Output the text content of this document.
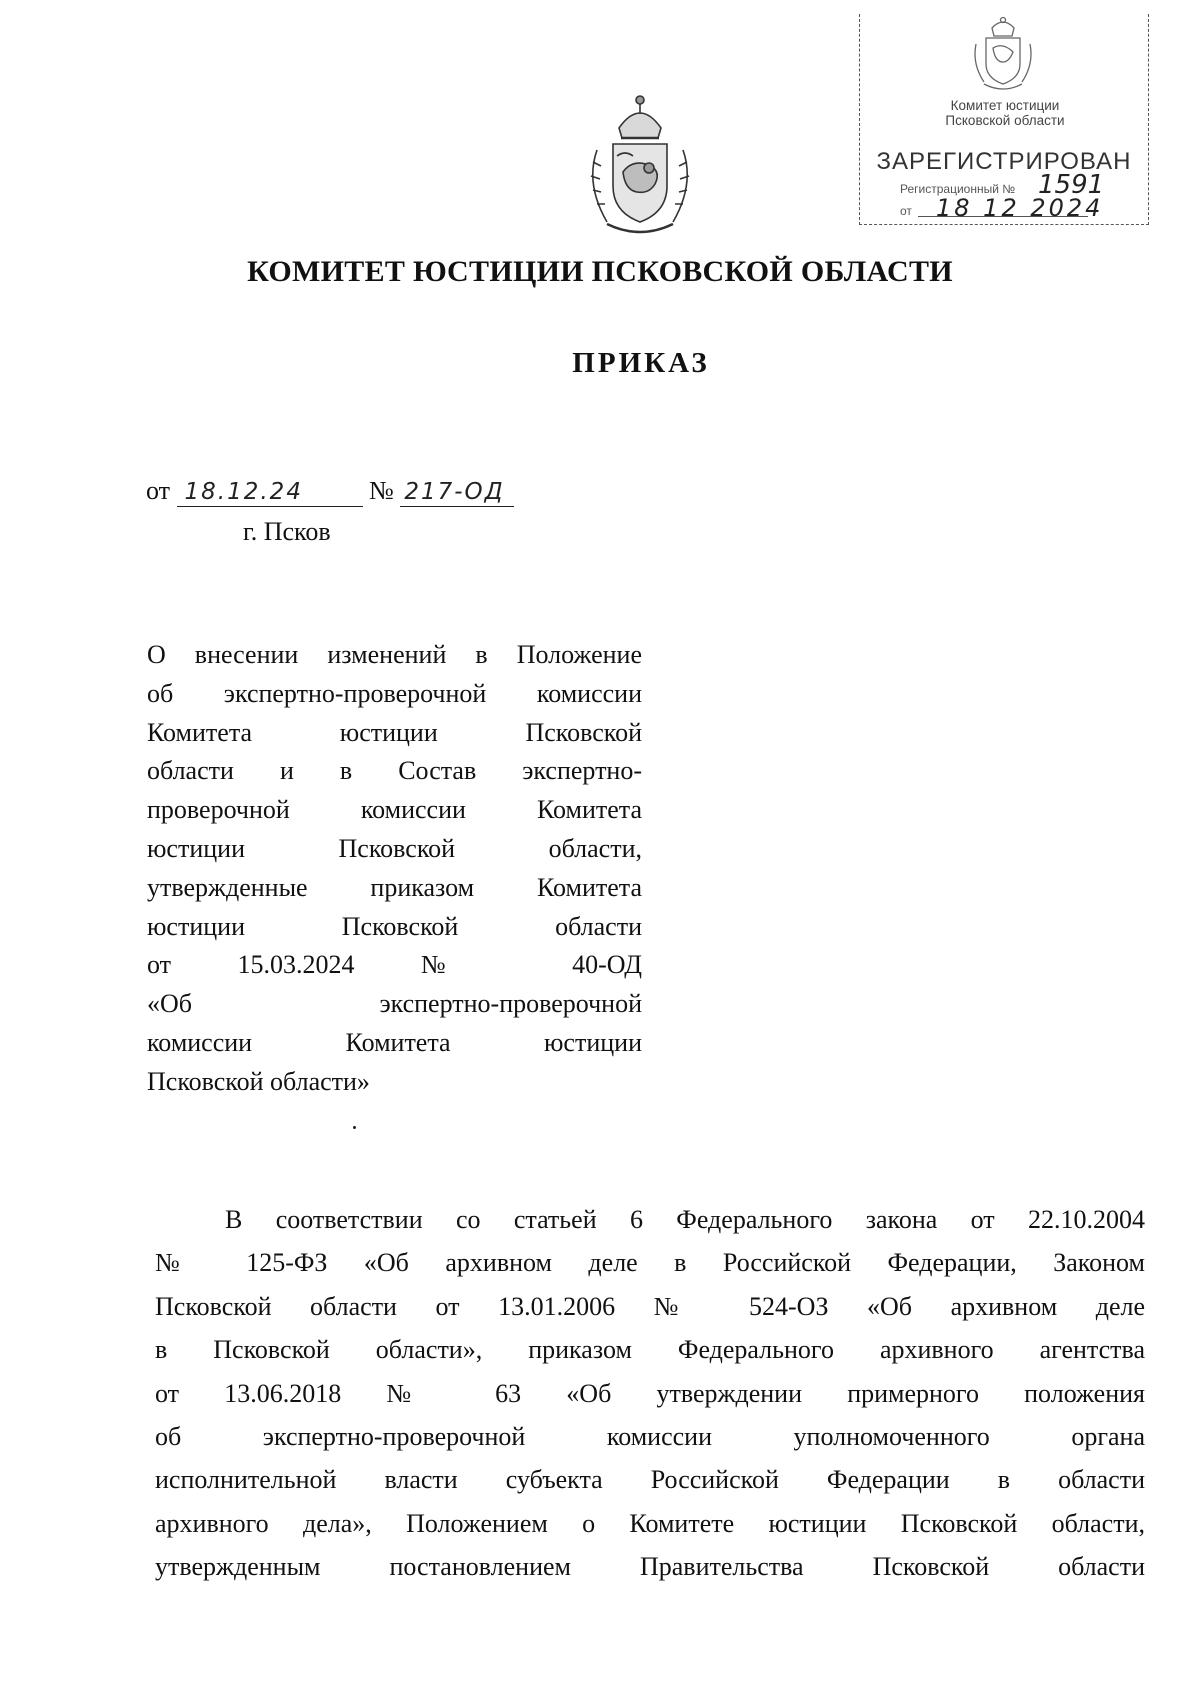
Комитет юстиции
Псковской области
ЗАРЕГИСТРИРОВАН
Регистрационный № 1591
от 18 12 2024
КОМИТЕТ ЮСТИЦИИ ПСКОВСКОЙ ОБЛАСТИ
ПРИКАЗ
от 18.12.24	№ 217-ОД
г. Псков
О внесении изменений в Положение
об экспертно-проверочной комиссии
Комитета юстиции Псковской
области и в Состав экспертно-
проверочной комиссии Комитета
юстиции Псковской области,
утвержденные приказом Комитета
юстиции Псковской области
от 15.03.2024 № 40-ОД
«Об экспертно-проверочной
комиссии Комитета юстиции
Псковской области»
В соответствии со статьей 6 Федерального закона от 22.10.2004
№ 125-ФЗ «Об архивном деле в Российской Федерации, Законом
Псковской области от 13.01.2006 № 524-ОЗ «Об архивном деле
в Псковской области», приказом Федерального архивного агентства
от 13.06.2018 № 63 «Об утверждении примерного положения
об экспертно-проверочной комиссии уполномоченного органа
исполнительной власти субъекта Российской Федерации в области
архивного дела», Положением о Комитете юстиции Псковской области,
утвержденным постановлением Правительства Псковской области
